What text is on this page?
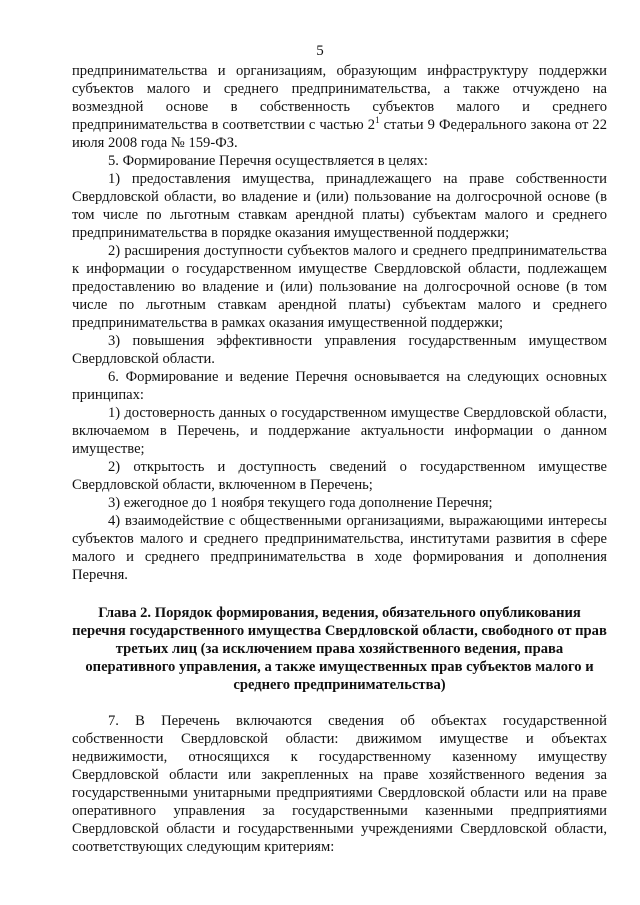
5

предпринимательства и организациям, образующим инфраструктуру поддержки субъектов малого и среднего предпринимательства, а также отчуждено на возмездной основе в собственность субъектов малого и среднего предпринимательства в соответствии с частью $2^1$ статьи 9 Федерального закона от 22 июля 2008 года № 159-ФЗ.

5. Формирование Перечня осуществляется в целях:

1) предоставления имущества, принадлежащего на праве собственности Свердловской области, во владение и (или) пользование на долгосрочной основе (в том числе по льготным ставкам арендной платы) субъектам малого и среднего предпринимательства в порядке оказания имущественной поддержки;

2) расширения доступности субъектов малого и среднего предпринимательства к информации о государственном имуществе Свердловской области, подлежащем предоставлению во владение и (или) пользование на долгосрочной основе (в том числе по льготным ставкам арендной платы) субъектам малого и среднего предпринимательства в рамках оказания имущественной поддержки;

3) повышения эффективности управления государственным имуществом Свердловской области.

6. Формирование и ведение Перечня основывается на следующих основных принципах:

1) достоверность данных о государственном имуществе Свердловской области, включаемом в Перечень, и поддержание актуальности информации о данном имуществе;

2) открытость и доступность сведений о государственном имуществе Свердловской области, включенном в Перечень;

3) ежегодное до 1 ноября текущего года дополнение Перечня;

4) взаимодействие с общественными организациями, выражающими интересы субъектов малого и среднего предпринимательства, институтами развития в сфере малого и среднего предпринимательства в ходе формирования и дополнения Перечня.

Глава 2. Порядок формирования, ведения, обязательного опубликования перечня государственного имущества Свердловской области, свободного от прав третьих лиц (за исключением права хозяйственного ведения, права оперативного управления, а также имущественных прав субъектов малого и среднего предпринимательства)

7. В Перечень включаются сведения об объектах государственной собственности Свердловской области: движимом имуществе и объектах недвижимости, относящихся к государственному казенному имуществу Свердловской области или закрепленных на праве хозяйственного ведения за государственными унитарными предприятиями Свердловской области или на праве оперативного управления за государственными казенными предприятиями Свердловской области и государственными учреждениями Свердловской области, соответствующих следующим критериям:
